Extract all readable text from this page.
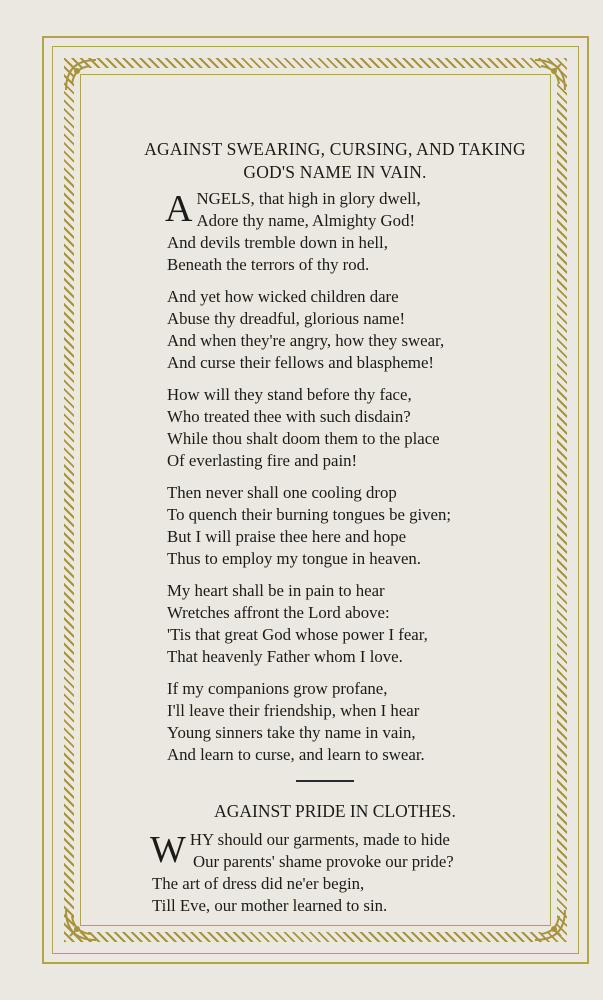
AGAINST SWEARING, CURSING, AND TAKING
GOD'S NAME IN VAIN.
ANGELS, that high in glory dwell,
Adore thy name, Almighty God!
And devils tremble down in hell,
Beneath the terrors of thy rod.
And yet how wicked children dare
Abuse thy dreadful, glorious name!
And when they're angry, how they swear,
And curse their fellows and blaspheme!
How will they stand before thy face,
Who treated thee with such disdain?
While thou shalt doom them to the place
Of everlasting fire and pain!
Then never shall one cooling drop
To quench their burning tongues be given;
But I will praise thee here and hope
Thus to employ my tongue in heaven.
My heart shall be in pain to hear
Wretches affront the Lord above:
'Tis that great God whose power I fear,
That heavenly Father whom I love.
If my companions grow profane,
I'll leave their friendship, when I hear
Young sinners take thy name in vain,
And learn to curse, and learn to swear.
AGAINST PRIDE IN CLOTHES.
WHY should our garments, made to hide
Our parents' shame provoke our pride?
The art of dress did ne'er begin,
Till Eve, our mother learned to sin.
